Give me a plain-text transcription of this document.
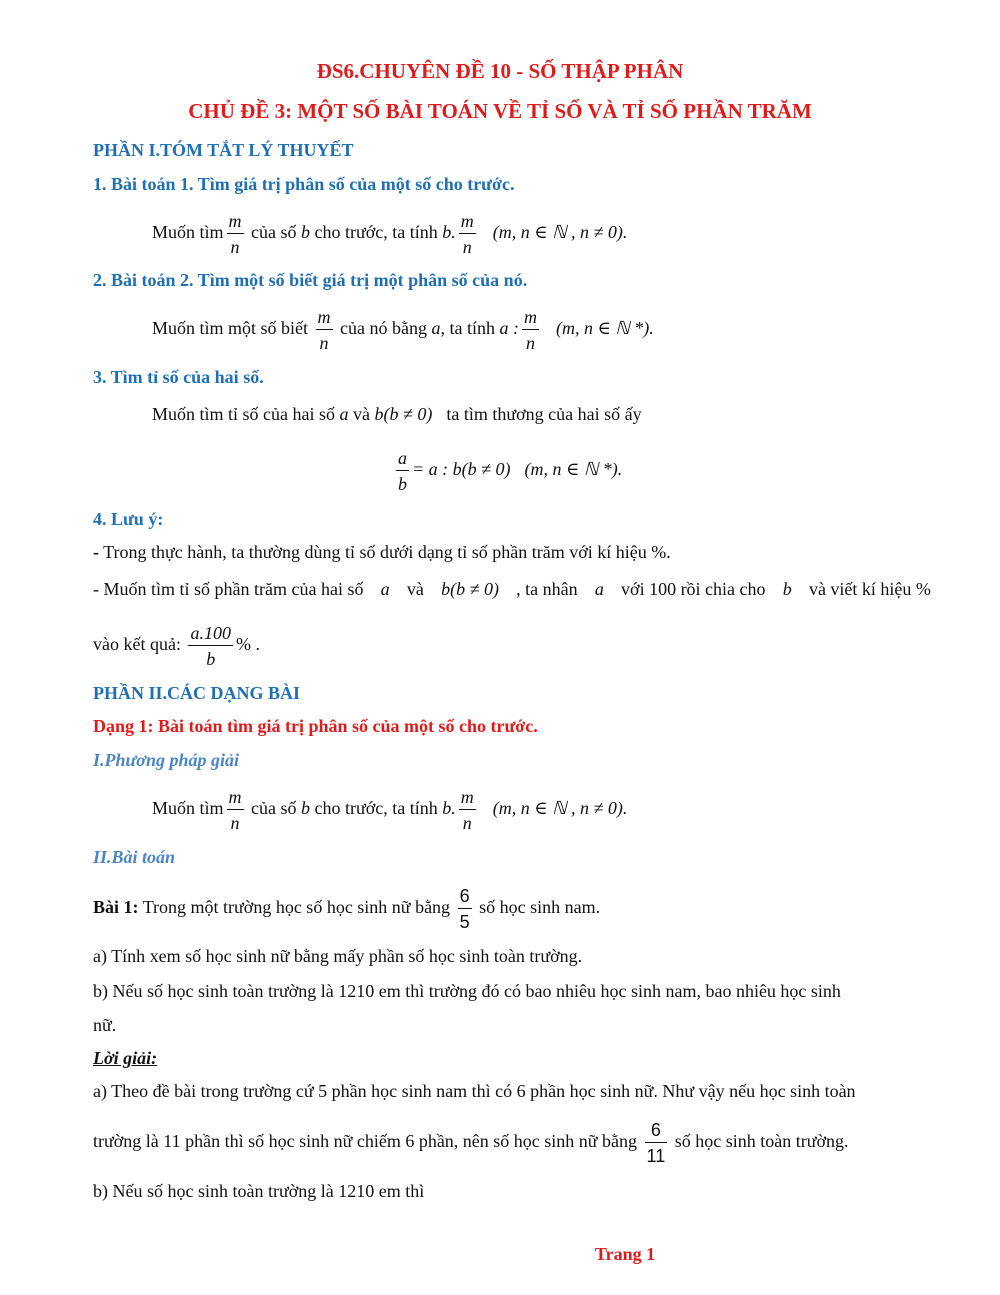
ĐS6.CHUYÊN ĐỀ 10 - SỐ THẬP PHÂN
CHỦ ĐỀ 3: MỘT SỐ BÀI TOÁN VỀ TỈ SỐ VÀ TỈ SỐ PHẦN TRĂM
PHẦN I.TÓM TẮT LÝ THUYẾT
1. Bài toán 1. Tìm giá trị phân số của một số cho trước.
Muốn tìm $\frac{m}{n}$ của số b cho trước, ta tính b. $\frac{m}{n} (m$, n ∈ ℕ , n ≠ 0).
2. Bài toán 2. Tìm một số biết giá trị một phân số của nó.
Muốn tìm một số biết $\frac{m}{n}$ của nó bằng a, ta tính a : $\frac{m}{n} (m$, n ∈ ℕ *).
3. Tìm tỉ số của hai số.
Muốn tìm tỉ số của hai số a và b(b ≠ 0) ta tìm thương của hai số ấy
$\frac{a}{b} = a$ : b(b ≠ 0) (m, n ∈ ℕ *).
4. Lưu ý:
- Trong thực hành, ta thường dùng tỉ số dưới dạng tỉ số phần trăm với kí hiệu %.
- Muốn tìm tỉ số phần trăm của hai số a và b(b ≠ 0) , ta nhân a với 100 rồi chia cho b và viết kí hiệu %
vào kết quả: $\frac{a.100}{b}$ % .
PHẦN II.CÁC DẠNG BÀI
Dạng 1: Bài toán tìm giá trị phân số của một số cho trước.
I.Phương pháp giải
Muốn tìm $\frac{m}{n}$ của số b cho trước, ta tính b. $\frac{m}{n} (m$, n ∈ ℕ , n ≠ 0).
II.Bài toán
Bài 1: Trong một trường học số học sinh nữ bằng $\frac{6}{5}$ số học sinh nam.
a) Tính xem số học sinh nữ bằng mấy phần số học sinh toàn trường.
b) Nếu số học sinh toàn trường là 1210 em thì trường đó có bao nhiêu học sinh nam, bao nhiêu học sinh
nữ.
Lời giải:
a) Theo đề bài trong trường cứ 5 phần học sinh nam thì có 6 phần học sinh nữ. Như vậy nếu học sinh toàn
trường là 11 phần thì số học sinh nữ chiếm 6 phần, nên số học sinh nữ bằng $\frac{6}{11}$ số học sinh toàn trường.
b) Nếu số học sinh toàn trường là 1210 em thì
Trang 1
